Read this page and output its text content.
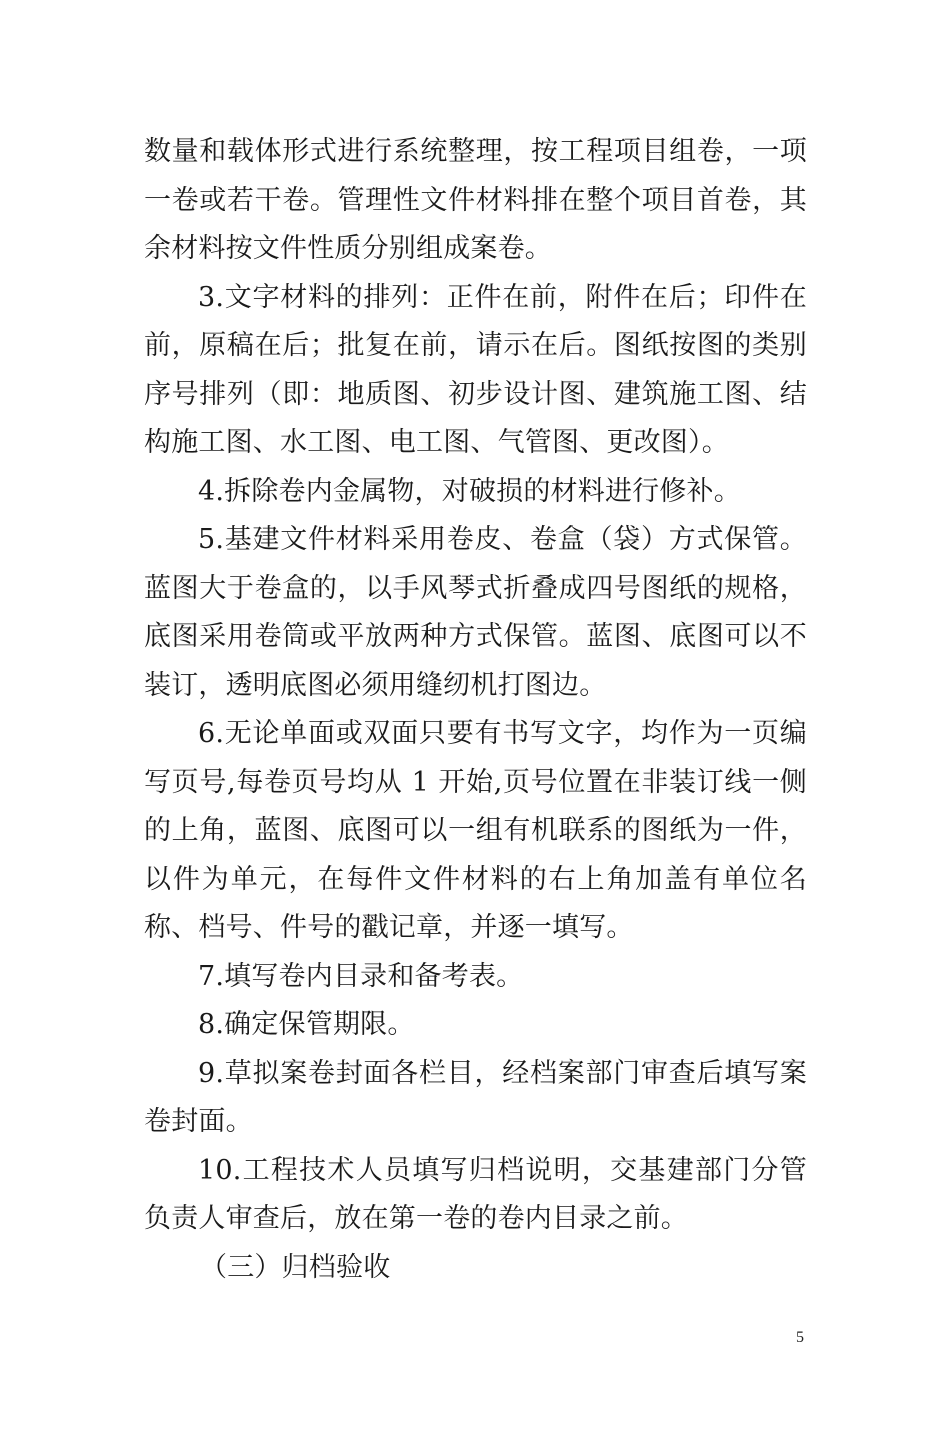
数量和载体形式进行系统整理，按工程项目组卷，一项一卷或若干卷。管理性文件材料排在整个项目首卷，其余材料按文件性质分别组成案卷。

3.文字材料的排列：正件在前，附件在后；印件在前，原稿在后；批复在前，请示在后。图纸按图的类别序号排列（即：地质图、初步设计图、建筑施工图、结构施工图、水工图、电工图、气管图、更改图）。

4.拆除卷内金属物，对破损的材料进行修补。

5.基建文件材料采用卷皮、卷盒（袋）方式保管。蓝图大于卷盒的，以手风琴式折叠成四号图纸的规格，底图采用卷筒或平放两种方式保管。蓝图、底图可以不装订，透明底图必须用缝纫机打图边。

6.无论单面或双面只要有书写文字，均作为一页编写页号,每卷页号均从 1 开始,页号位置在非装订线一侧的上角，蓝图、底图可以一组有机联系的图纸为一件，以件为单元，在每件文件材料的右上角加盖有单位名称、档号、件号的戳记章，并逐一填写。

7.填写卷内目录和备考表。

8.确定保管期限。

9.草拟案卷封面各栏目，经档案部门审查后填写案卷封面。

10.工程技术人员填写归档说明，交基建部门分管负责人审查后，放在第一卷的卷内目录之前。

（三）归档验收

5
